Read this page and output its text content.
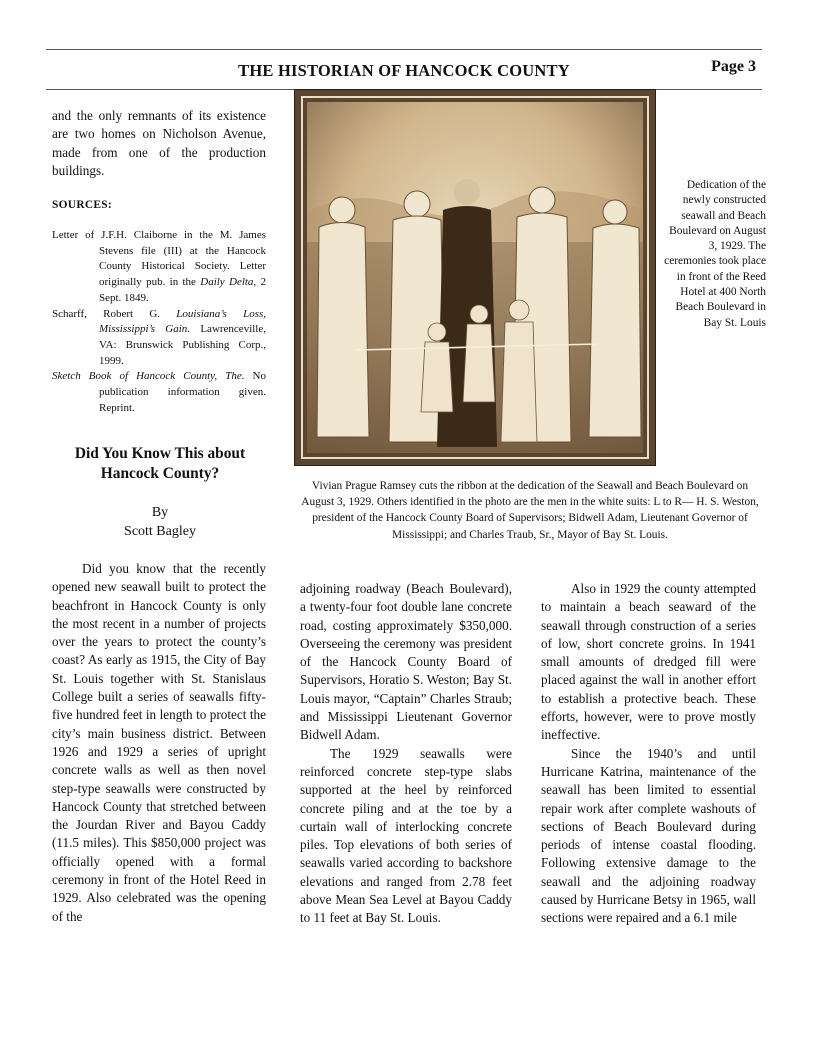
THE HISTORIAN OF HANCOCK COUNTY	Page 3

and the only remnants of its existence are two homes on Nicholson Avenue, made from one of the production buildings.

SOURCES:

Letter of J.F.H. Claiborne in the M. James Stevens file (III) at the Hancock County Historical Society. Letter originally pub. in the Daily Delta, 2 Sept. 1849.

Scharff, Robert G. Louisiana’s Loss, Mississippi’s Gain. Lawrenceville, VA: Brunswick Publishing Corp., 1999.

Sketch Book of Hancock County, The. No publication information given. Reprint.

Did You Know This about Hancock County?
By
Scott Bagley

Did you know that the recently opened new seawall built to protect the beachfront in Hancock County is only the most recent in a number of projects over the years to protect the county’s coast? As early as 1915, the City of Bay St. Louis together with St. Stanislaus College built a series of seawalls fifty-five hundred feet in length to protect the city’s main business district. Between 1926 and 1929 a series of upright concrete walls as well as then novel step-type seawalls were constructed by Hancock County that stretched between the Jourdan River and Bayou Caddy (11.5 miles). This $850,000 project was officially opened with a formal ceremony in front of the Hotel Reed in 1929. Also celebrated was the opening of the

Dedication of the newly constructed seawall and Beach Boulevard on August 3, 1929. The ceremonies took place in front of the Reed Hotel at 400 North Beach Boulevard in Bay St. Louis
Vivian Prague Ramsey cuts the ribbon at the dedication of the Seawall and Beach Boulevard on August 3, 1929. Others identified in the photo are the men in the white suits: L to R— H. S. Weston, president of the Hancock County Board of Supervisors; Bidwell Adam, Lieutenant Governor of Mississippi; and Charles Traub, Sr., Mayor of Bay St. Louis.

adjoining roadway (Beach Boulevard), a twenty-four foot double lane concrete road, costing approximately $350,000. Overseeing the ceremony was president of the Hancock County Board of Supervisors, Horatio S. Weston; Bay St. Louis mayor, “Captain” Charles Straub; and Mississippi Lieutenant Governor Bidwell Adam.

The 1929 seawalls were reinforced concrete step-type slabs supported at the heel by reinforced concrete piling and at the toe by a curtain wall of interlocking concrete piles. Top elevations of both series of seawalls varied according to backshore elevations and ranged from 2.78 feet above Mean Sea Level at Bayou Caddy to 11 feet at Bay St. Louis.

Also in 1929 the county attempted to maintain a beach seaward of the seawall through construction of a series of low, short concrete groins. In 1941 small amounts of dredged fill were placed against the wall in another effort to establish a protective beach. These efforts, however, were to prove mostly ineffective.

Since the 1940’s and until Hurricane Katrina, maintenance of the seawall has been limited to essential repair work after complete washouts of sections of Beach Boulevard during periods of intense coastal flooding. Following extensive damage to the seawall and the adjoining roadway caused by Hurricane Betsy in 1965, wall sections were repaired and a 6.1 mile
